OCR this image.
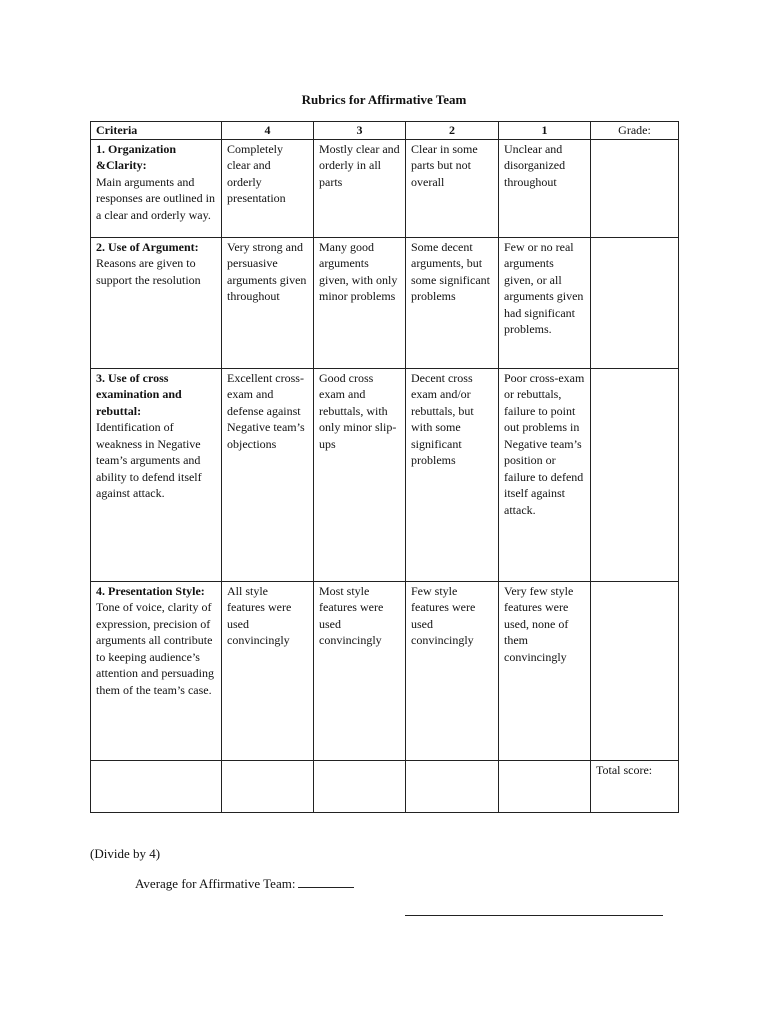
Rubrics for Affirmative Team
Criteria	4	3	2	1	Grade:

1. Organization &Clarity:
Main arguments and responses are outlined in a clear and orderly way.	Completely clear and orderly presentation	Mostly clear and orderly in all parts	Clear in some parts but not overall	Unclear and disorganized throughout	

2. Use of Argument:
Reasons are given to support the resolution	Very strong and persuasive arguments given throughout	Many good arguments given, with only minor problems	Some decent arguments, but some significant problems	Few or no real arguments given, or all arguments given had significant problems.	

3. Use of cross examination and rebuttal:
Identification of weakness in Negative team’s arguments and ability to defend itself against attack.	Excellent cross-exam and defense against Negative team’s objections	Good cross exam and rebuttals, with only minor slip-ups	Decent cross exam and/or rebuttals, but with some significant problems	Poor cross-exam or rebuttals, failure to point out problems in Negative team’s position or failure to defend itself against attack.	

4. Presentation Style:
Tone of voice, clarity of expression, precision of arguments all contribute to keeping audience’s attention and persuading them of the team’s case.	All style features were used convincingly	Most style features were used convincingly	Few style features were used convincingly	Very few style features were used, none of them convincingly	
					Total score:
(Divide by 4)
Average for Affirmative Team:
